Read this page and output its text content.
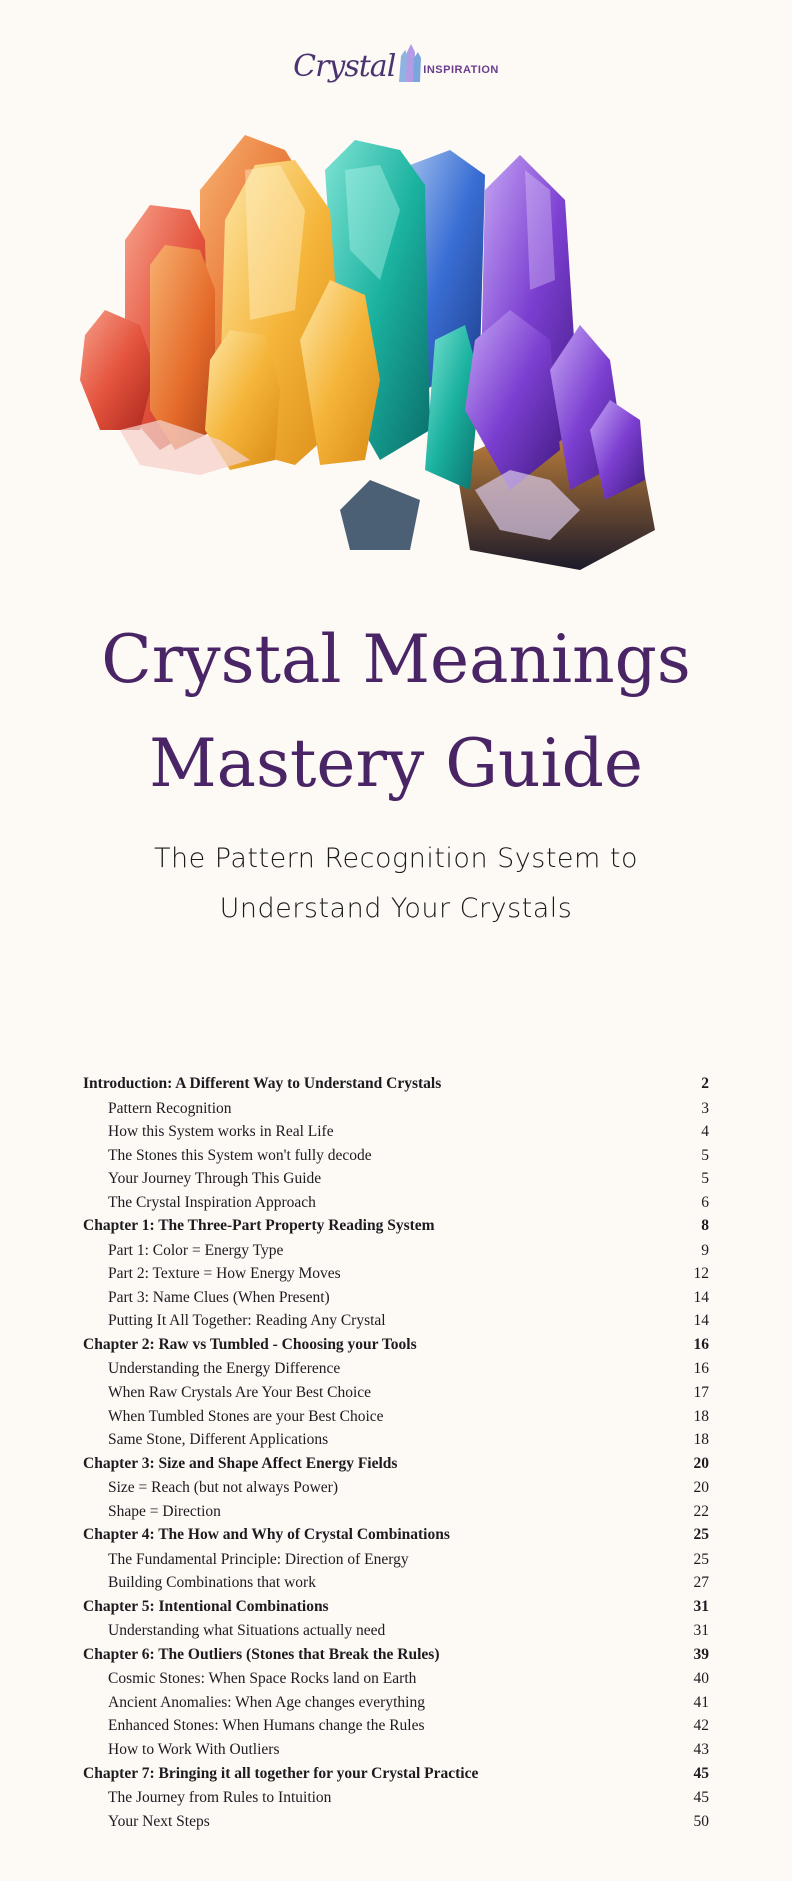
Crystal	INSPIRATION
Crystal Meanings
Mastery Guide

The Pattern Recognition System to
Understand Your Crystals

Introduction: A Different Way to Understand Crystals	2
Pattern Recognition	3
How this System works in Real Life	4
The Stones this System won't fully decode	5
Your Journey Through This Guide	5
The Crystal Inspiration Approach	6
Chapter 1: The Three-Part Property Reading System	8
Part 1: Color = Energy Type	9
Part 2: Texture = How Energy Moves	12
Part 3: Name Clues (When Present)	14
Putting It All Together: Reading Any Crystal	14
Chapter 2: Raw vs Tumbled - Choosing your Tools	16
Understanding the Energy Difference	16
When Raw Crystals Are Your Best Choice	17
When Tumbled Stones are your Best Choice	18
Same Stone, Different Applications	18
Chapter 3: Size and Shape Affect Energy Fields	20
Size = Reach (but not always Power)	20
Shape = Direction	22
Chapter 4: The How and Why of Crystal Combinations	25
The Fundamental Principle: Direction of Energy	25
Building Combinations that work	27
Chapter 5: Intentional Combinations	31
Understanding what Situations actually need	31
Chapter 6: The Outliers (Stones that Break the Rules)	39
Cosmic Stones: When Space Rocks land on Earth	40
Ancient Anomalies: When Age changes everything	41
Enhanced Stones: When Humans change the Rules	42
How to Work With Outliers	43
Chapter 7: Bringing it all together for your Crystal Practice	45
The Journey from Rules to Intuition	45
Your Next Steps	50
